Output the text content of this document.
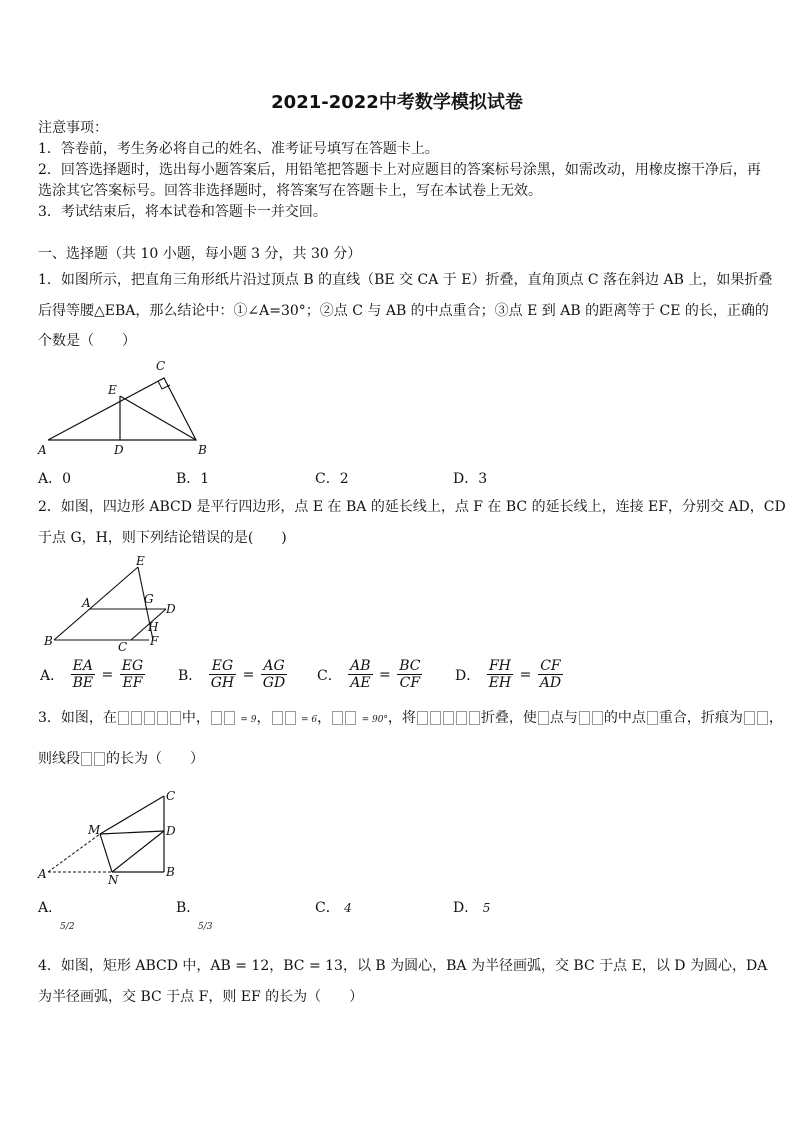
2021-2022中考数学模拟试卷
注意事项：
1．答卷前，考生务必将自己的姓名、准考证号填写在答题卡上。
2．回答选择题时，选出每小题答案后，用铅笔把答题卡上对应题目的答案标号涂黑，如需改动，用橡皮擦干净后，再
选涂其它答案标号。回答非选择题时，将答案写在答题卡上，写在本试卷上无效。
3．考试结束后，将本试卷和答题卡一并交回。
一、选择题（共 10 小题，每小题 3 分，共 30 分）
1．如图所示，把直角三角形纸片沿过顶点 B 的直线（BE 交 CA 于 E）折叠，直角顶点 C 落在斜边 AB 上，如果折叠
后得等腰△EBA，那么结论中：①∠A=30°；②点 C 与 AB 的中点重合；③点 E 到 AB 的距离等于 CE 的长，正确的
个数是（　　）
A	D	B
E
C
A．0	B．1	C．2	D．3
2．如图，四边形 ABCD 是平行四边形，点 E 在 BA 的延长线上，点 F 在 BC 的延长线上，连接 EF，分别交 AD，CD
于点 G，H，则下列结论错误的是(　　)
E
A	G
D
H
B	C F
A． $\frac{EA}{BE} = \frac{EG}{EF}$ B． $\frac{EG}{GH} = \frac{AG}{GD}$ C． $\frac{AB}{AE} = \frac{BC}{CF}$ D． $\frac{FH}{EH} = \frac{CF}{AD}$
3．如图，在	中，	= 9，	= 6，	= 90°，将	折叠，使 点与 的中点 重合，折痕为 ，
则线段 的长为（　　）
A
M
N
C
D
B
A．
5/2
B．
5/3
C． 4	D． 5
4．如图，矩形 ABCD 中，AB = 12，BC = 13，以 B 为圆心，BA 为半径画弧，交 BC 于点 E，以 D 为圆心，DA
为半径画弧，交 BC 于点 F，则 EF 的长为（　　）
